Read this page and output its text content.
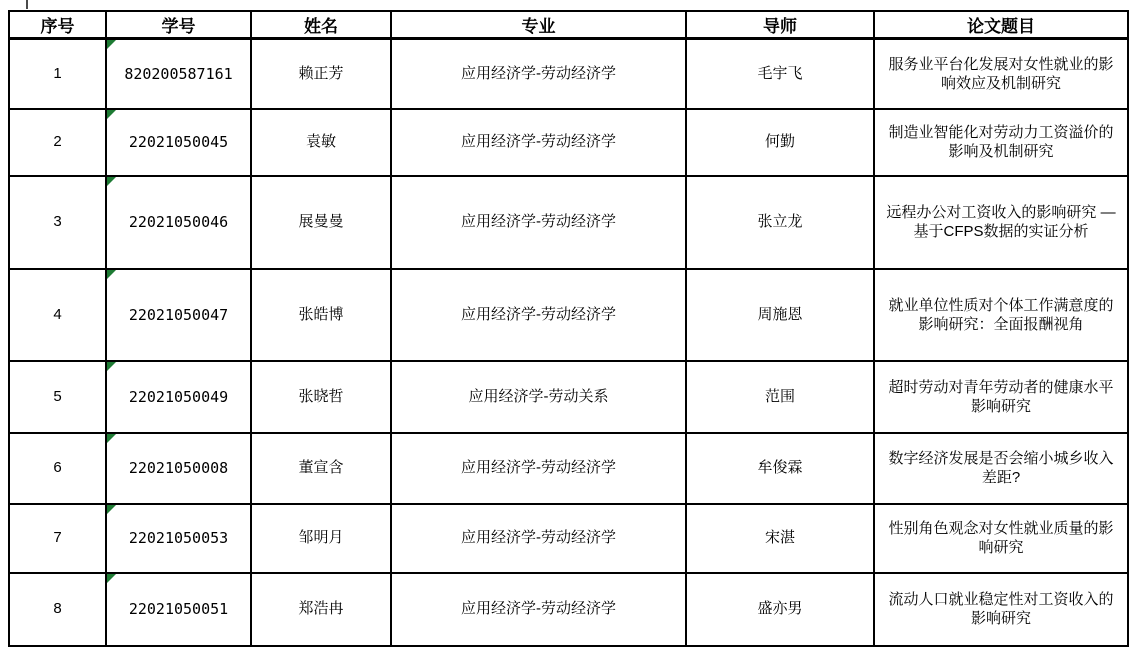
序号	学号	姓名	专业	导师	论文题目
1	820200587161	赖正芳	应用经济学-劳动经济学	毛宇飞	服务业平台化发展对女性就业的影响效应及机制研究
2	22021050045	袁敏	应用经济学-劳动经济学	何勤	制造业智能化对劳动力工资溢价的影响及机制研究
3	22021050046	展曼曼	应用经济学-劳动经济学	张立龙	远程办公对工资收入的影响研究 —基于CFPS数据的实证分析
4	22021050047	张皓博	应用经济学-劳动经济学	周施恩	就业单位性质对个体工作满意度的影响研究：全面报酬视角
5	22021050049	张晓哲	应用经济学-劳动关系	范围	超时劳动对青年劳动者的健康水平影响研究
6	22021050008	董宣含	应用经济学-劳动经济学	牟俊霖	数字经济发展是否会缩小城乡收入差距?
7	22021050053	邹明月	应用经济学-劳动经济学	宋湛	性别角色观念对女性就业质量的影响研究
8	22021050051	郑浩冉	应用经济学-劳动经济学	盛亦男	流动人口就业稳定性对工资收入的影响研究
